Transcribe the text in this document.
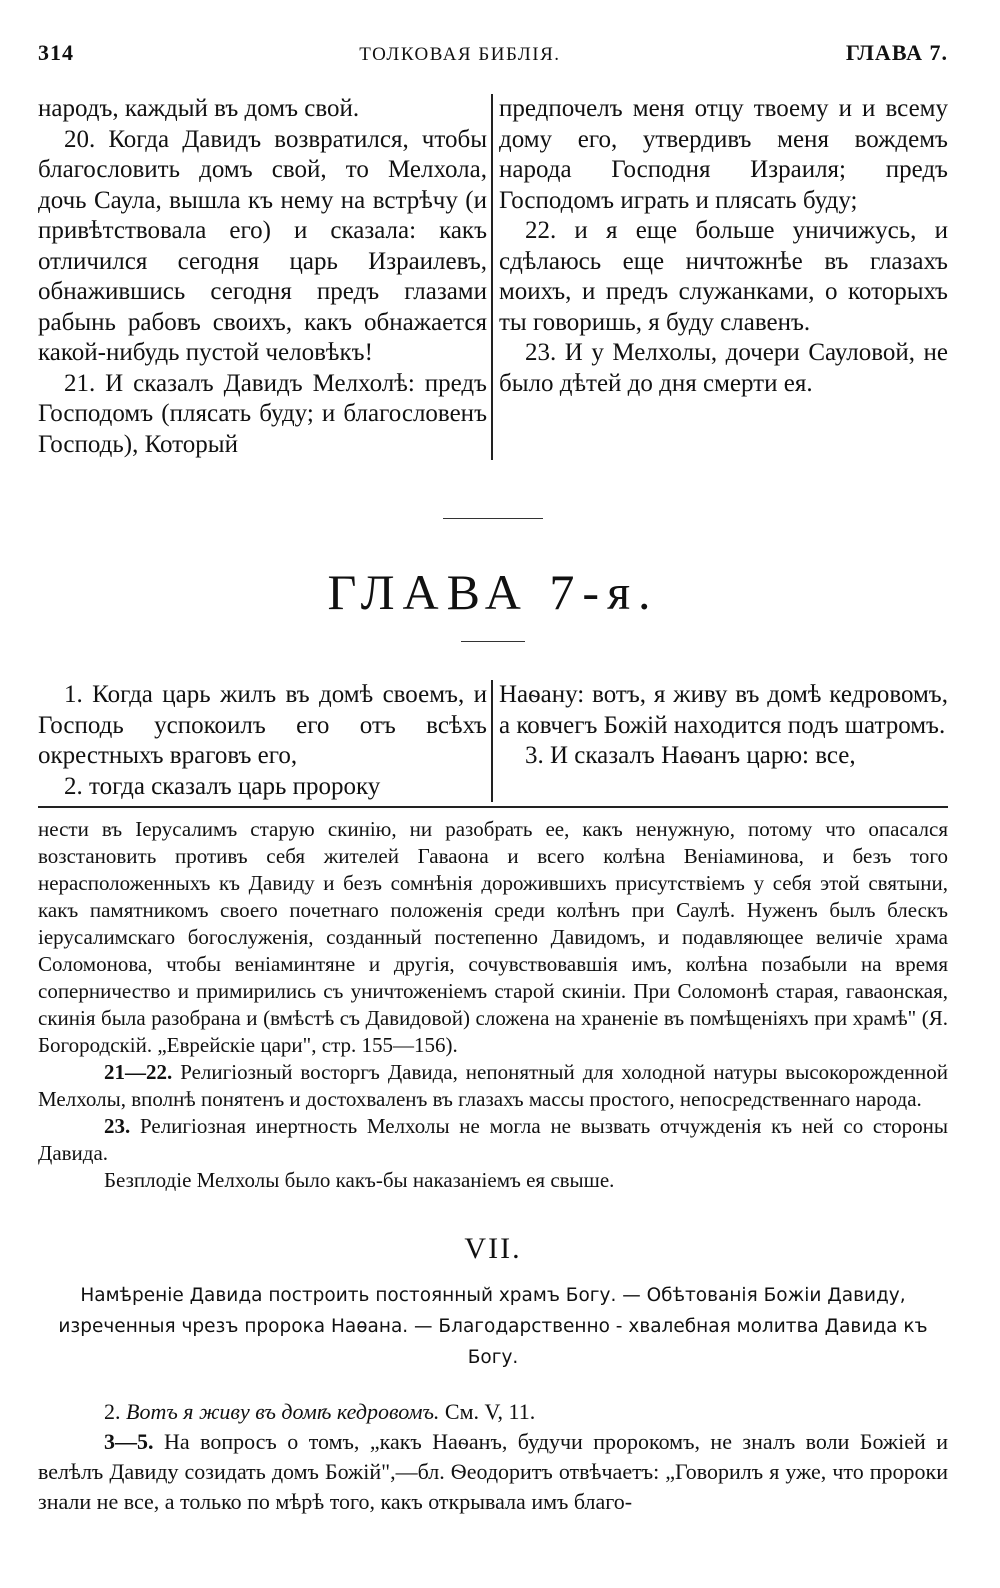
314	ТОЛКОВАЯ БИБЛІЯ.	ГЛАВА 7.

народъ, каждый въ домъ свой.

20. Когда Давидъ возвратился, чтобы благословить домъ свой, то Мелхола, дочь Саула, вышла къ нему на встрѣчу (и привѣтствовала его) и сказала: какъ отличился сегодня царь Израилевъ, обнажившись сегодня предъ глазами рабынь рабовъ своихъ, какъ обнажается какой-нибудь пустой человѣкъ!

21. И сказалъ Давидъ Мелхолѣ: предъ Господомъ (плясать буду; и благословенъ Господь), Который

предпочелъ меня отцу твоему и и всему дому его, утвердивъ меня вождемъ народа Господня Израиля; предъ Господомъ играть и плясать буду;

22. и я еще больше уничижусь, и сдѣлаюсь еще ничтожнѣе въ глазахъ моихъ, и предъ служанками, о которыхъ ты говоришь, я буду славенъ.

23. И у Мелхолы, дочери Сауловой, не было дѣтей до дня смерти ея.

ГЛАВА 7-я.

1. Когда царь жилъ въ домѣ своемъ, и Господь успокоилъ его отъ всѣхъ окрестныхъ враговъ его,

2. тогда сказалъ царь пророку

Наѳану: вотъ, я живу въ домѣ кедровомъ, а ковчегъ Божій находится подъ шатромъ.

3. И сказалъ Наѳанъ царю: все,

нести въ Іерусалимъ старую скинію, ни разобрать ее, какъ ненужную, потому что опасался возстановить противъ себя жителей Гаваона и всего колѣна Веніаминова, и безъ того нерасположенныхъ къ Давиду и безъ сомнѣнія дорожившихъ присутствіемъ у себя этой святыни, какъ памятникомъ своего почетнаго положенія среди колѣнъ при Саулѣ. Нуженъ былъ блескъ іерусалимскаго богослуженія, созданный постепенно Давидомъ, и подавляющее величіе храма Соломонова, чтобы веніаминтяне и другія, сочувствовавшія имъ, колѣна позабыли на время соперничество и примирились съ уничтоженіемъ старой скиніи. При Соломонѣ старая, гаваонская, скинія была разобрана и (вмѣстѣ съ Давидовой) сложена на храненіе въ помѣщеніяхъ при храмѣ" (Я. Богородскій. „Еврейскіе цари", стр. 155—156).

21—22. Религіозный восторгъ Давида, непонятный для холодной натуры высокорожденной Мелхолы, вполнѣ понятенъ и достохваленъ въ глазахъ массы простого, непосредственнаго народа.

23. Религіозная инертность Мелхолы не могла не вызвать отчужденія къ ней со стороны Давида.

Безплодіе Мелхолы было какъ-бы наказаніемъ ея свыше.

VII.
Намѣреніе Давида построить постоянный храмъ Богу. — Обѣтованія Божіи Давиду, изреченныя чрезъ пророка Наѳана. — Благодарственно - хвалебная молитва Давида къ Богу.

2. Вотъ я живу въ домѣ кедровомъ. См. V, 11.

3—5. На вопросъ о томъ, „какъ Наѳанъ, будучи пророкомъ, не зналъ воли Божіей и велѣлъ Давиду созидать домъ Божій",—бл. Ѳеодоритъ отвѣчаетъ: „Говорилъ я уже, что пророки знали не все, а только по мѣрѣ того, какъ открывала имъ благо-
